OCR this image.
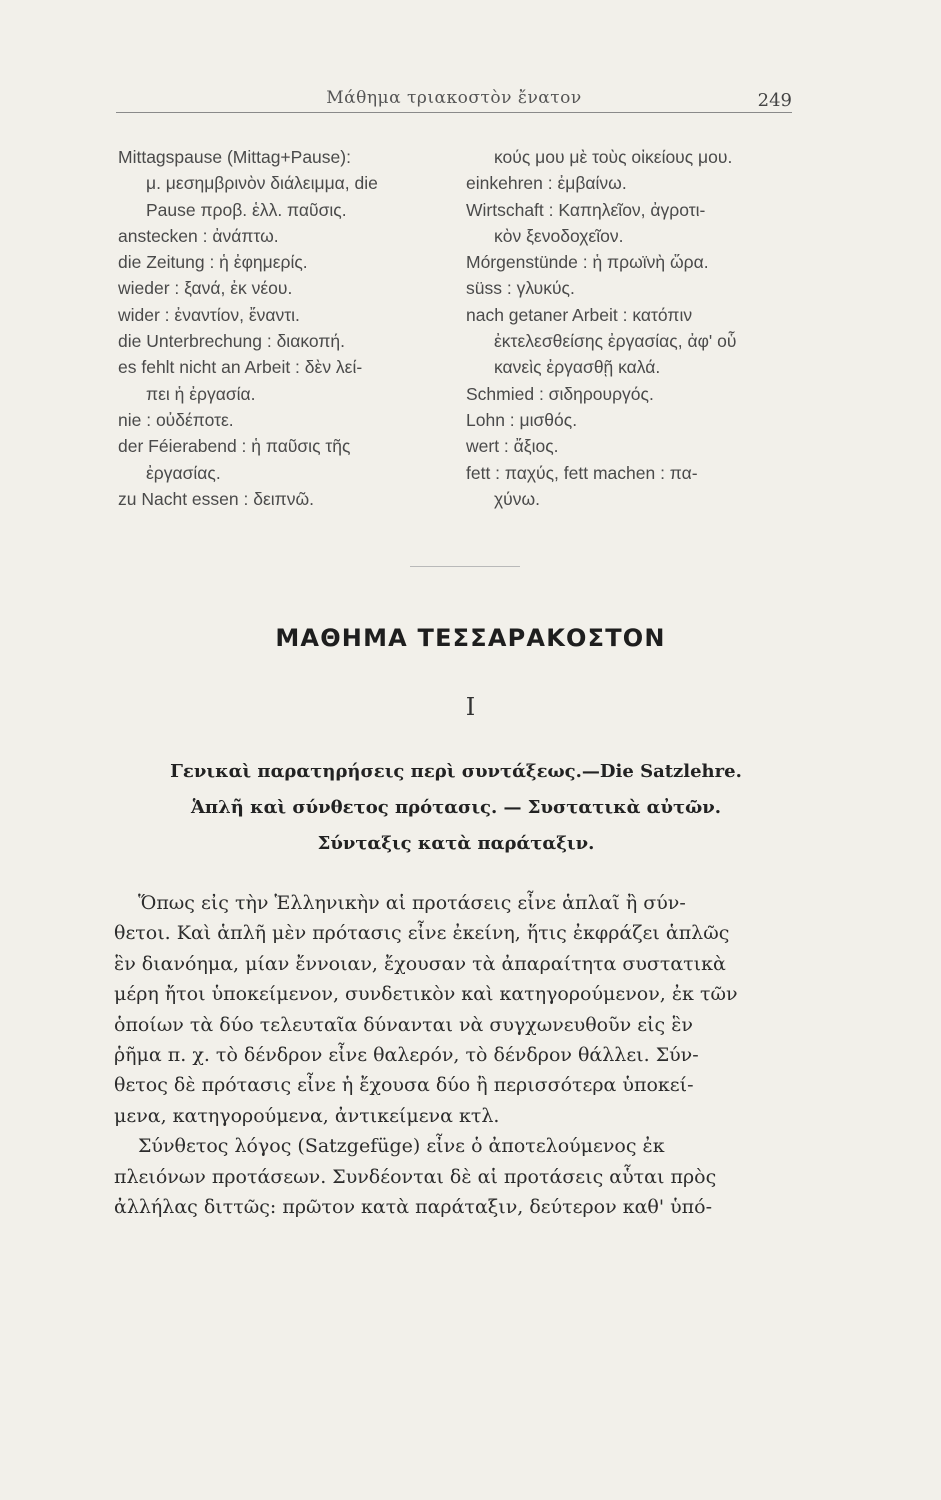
Μάθημα τριακοστὸν ἔνατον	249
Mittagspause (Mittag+Pause):
μ. μεσημβρινὸν διάλειμμα, die
Pause προβ. ἑλλ. παῦσις.
anstecken : ἀνάπτω.
die Zeitung : ἡ ἐφημερίς.
wieder : ξανά, ἐκ νέου.
wider : ἐναντίον, ἔναντι.
die Unterbrechung : διακοπή.
es fehlt nicht an Arbeit : δὲν λεί-
πει ἡ ἐργασία.
nie : οὐδέποτε.
der Féierabend : ἡ παῦσις τῆς
ἐργασίας.
zu Nacht essen : δειπνῶ.
κούς μου μὲ τοὺς οἰκείους μου.
einkehren : ἐμβαίνω.
Wirtschaft : Καπηλεῖον, ἀγροτι-
κὸν ξενοδοχεῖον.
Mórgenstünde : ἡ πρωϊνὴ ὥρα.
süss : γλυκύς.
nach getaner Arbeit : κατόπιν
ἐκτελεσθείσης ἐργασίας, ἀφ' οὗ
κανεὶς ἐργασθῇ καλά.
Schmied : σιδηρουργός.
Lohn : μισθός.
wert : ἄξιος.
fett : παχύς, fett machen : πα-
χύνω.
ΜΑΘΗΜΑ ΤΕΣΣΑΡΑΚΟΣΤΟΝ
I
Γενικαὶ παρατηρήσεις περὶ συντάξεως.—Die Satzlehre.
Ἁπλῆ καὶ σύνθετος πρότασις. — Συστατικὰ αὐτῶν.
Σύνταξις κατὰ παράταξιν.
Ὅπως εἰς τὴν Ἑλληνικὴν αἱ προτάσεις εἶνε ἁπλαῖ ἢ σύν-
θετοι. Καὶ ἁπλῆ μὲν πρότασις εἶνε ἐκείνη, ἥτις ἐκφράζει ἁπλῶς
ἓν διανόημα, μίαν ἔννοιαν, ἔχουσαν τὰ ἀπαραίτητα συστατικὰ
μέρη ἤτοι ὑποκείμενον, συνδετικὸν καὶ κατηγορούμενον, ἐκ τῶν
ὁποίων τὰ δύο τελευταῖα δύνανται νὰ συγχωνευθοῦν εἰς ἓν
ῥῆμα π. χ. τὸ δένδρον εἶνε θαλερόν, τὸ δένδρον θάλλει. Σύν-
θετος δὲ πρότασις εἶνε ἡ ἔχουσα δύο ἢ περισσότερα ὑποκεί-
μενα, κατηγορούμενα, ἀντικείμενα κτλ.
Σύνθετος λόγος (Satzgefüge) εἶνε ὁ ἀποτελούμενος ἐκ
πλειόνων προτάσεων. Συνδέονται δὲ αἱ προτάσεις αὗται πρὸς
ἀλλήλας διττῶς: πρῶτον κατὰ παράταξιν, δεύτερον καθ' ὑπό-
